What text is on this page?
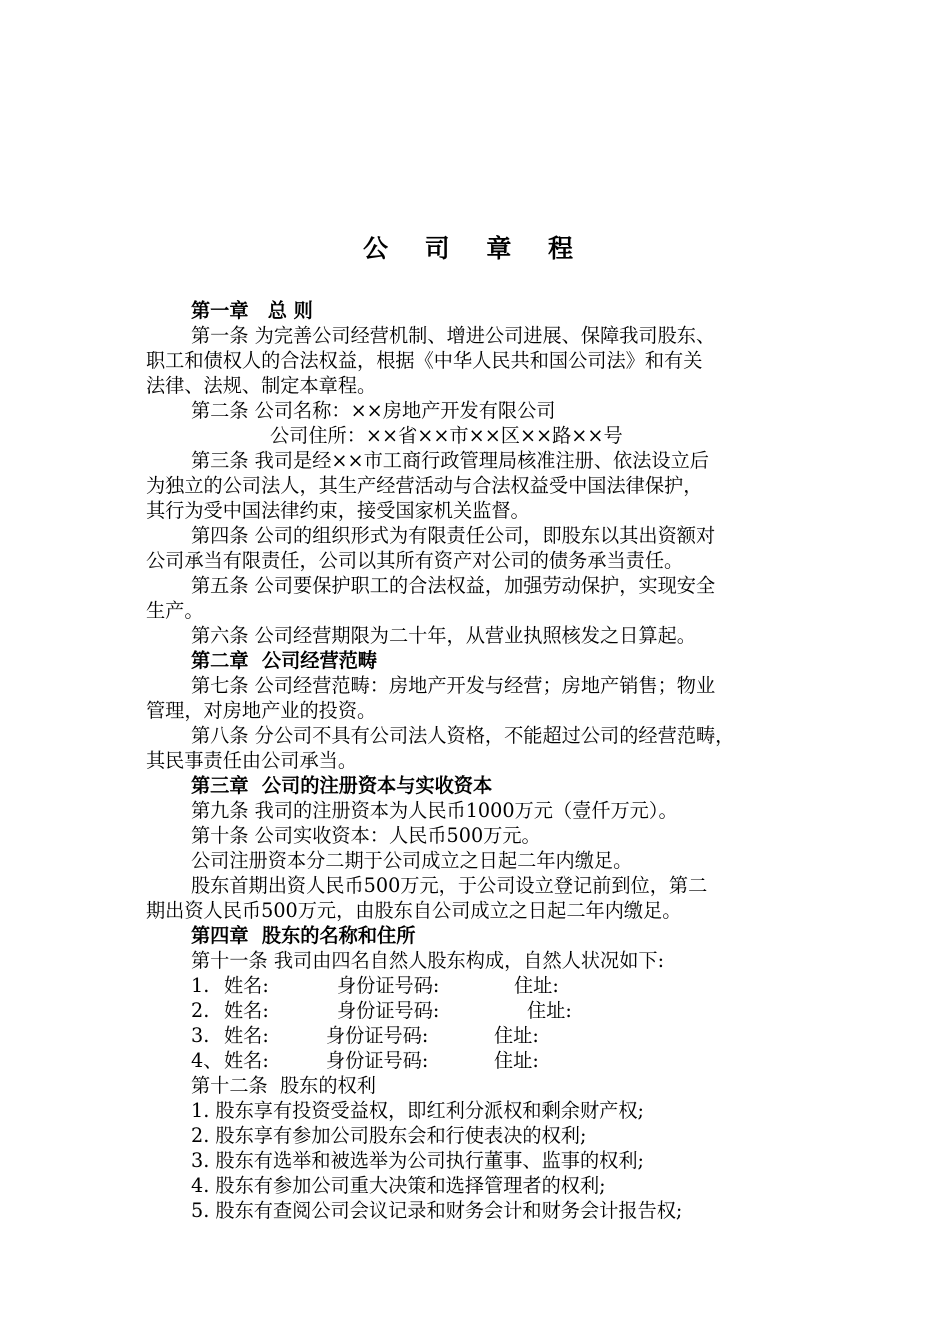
公 司 章 程

第一章　总 则

第一条 为完善公司经营机制、增进公司进展、保障我司股东、

职工和债权人的合法权益，根据《中华人民共和国公司法》和有关

法律、法规、制定本章程。

第二条 公司名称：××房地产开发有限公司

公司住所：××省××市××区××路××号

第三条 我司是经××市工商行政管理局核准注册、依法设立后

为独立的公司法人，其生产经营活动与合法权益受中国法律保护，

其行为受中国法律约束，接受国家机关监督。

第四条 公司的组织形式为有限责任公司，即股东以其出资额对

公司承当有限责任，公司以其所有资产对公司的债务承当责任。

第五条 公司要保护职工的合法权益，加强劳动保护，实现安全

生产。

第六条 公司经营期限为二十年，从营业执照核发之日算起。

第二章  公司经营范畴

第七条 公司经营范畴：房地产开发与经营；房地产销售；物业

管理，对房地产业的投资。

第八条 分公司不具有公司法人资格，不能超过公司的经营范畴，

其民事责任由公司承当。

第三章  公司的注册资本与实收资本

第九条 我司的注册资本为人民币1000万元（壹仟万元）。

第十条 公司实收资本：人民币500万元。

公司注册资本分二期于公司成立之日起二年内缴足。

股东首期出资人民币500万元，于公司设立登记前到位，第二

期出资人民币500万元，由股东自公司成立之日起二年内缴足。

第四章  股东的名称和住所

第十一条 我司由四名自然人股东构成，自然人状况如下:

1. 姓名:	身份证号码:	住址:
2. 姓名:	身份证号码:	住址:
3. 姓名:	身份证号码:	住址:
4、 姓名:	身份证号码:	住址:

第十二条  股东的权利

1. 股东享有投资受益权，即红利分派权和剩余财产权;

2. 股东享有参加公司股东会和行使表决的权利;

3. 股东有选举和被选举为公司执行董事、监事的权利;

4. 股东有参加公司重大决策和选择管理者的权利;

5. 股东有查阅公司会议记录和财务会计和财务会计报告权;
